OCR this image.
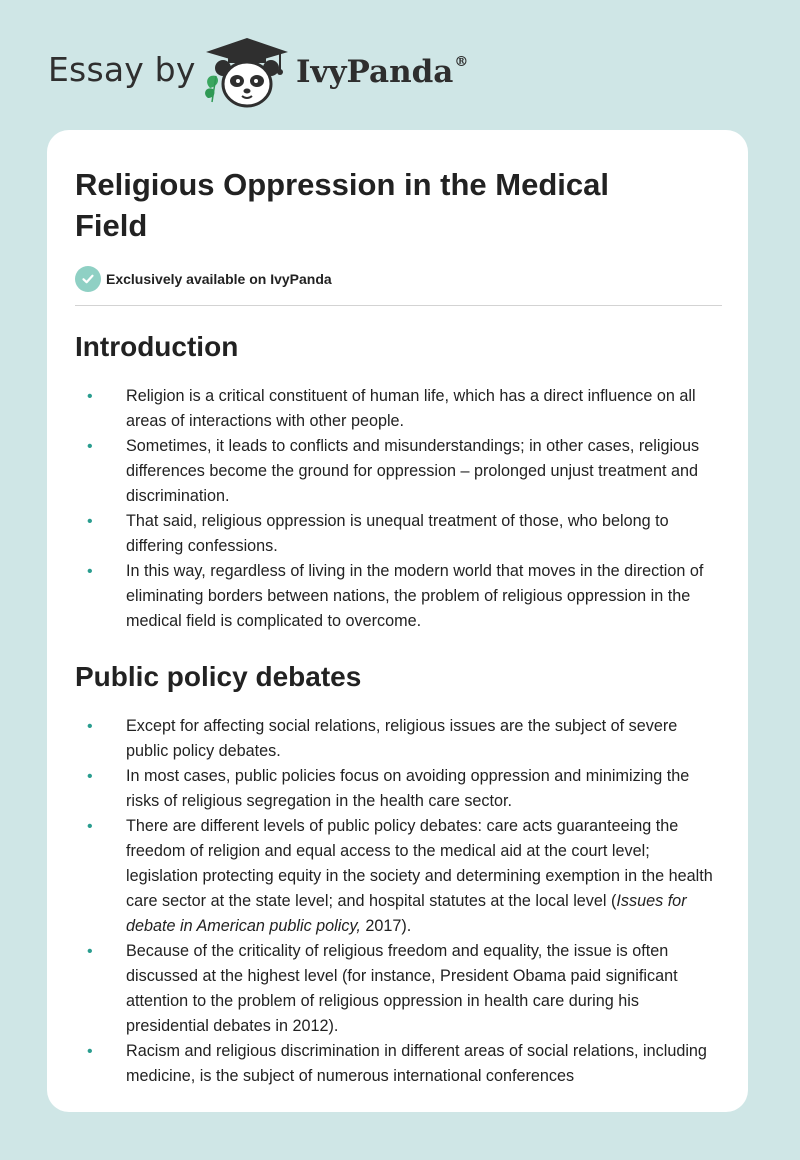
Essay by	IvyPanda®
Religious Oppression in the Medical Field
Exclusively available on IvyPanda
Introduction
• Religion is a critical constituent of human life, which has a direct influence on all areas of interactions with other people.
• Sometimes, it leads to conflicts and misunderstandings; in other cases, religious differences become the ground for oppression – prolonged unjust treatment and discrimination.
• That said, religious oppression is unequal treatment of those, who belong to differing confessions.
• In this way, regardless of living in the modern world that moves in the direction of eliminating borders between nations, the problem of religious oppression in the medical field is complicated to overcome.
Public policy debates
• Except for affecting social relations, religious issues are the subject of severe public policy debates.
• In most cases, public policies focus on avoiding oppression and minimizing the risks of religious segregation in the health care sector.
• There are different levels of public policy debates: care acts guaranteeing the freedom of religion and equal access to the medical aid at the court level; legislation protecting equity in the society and determining exemption in the health care sector at the state level; and hospital statutes at the local level (Issues for debate in American public policy, 2017).
• Because of the criticality of religious freedom and equality, the issue is often discussed at the highest level (for instance, President Obama paid significant attention to the problem of religious oppression in health care during his presidential debates in 2012).
• Racism and religious discrimination in different areas of social relations, including medicine, is the subject of numerous international conferences
